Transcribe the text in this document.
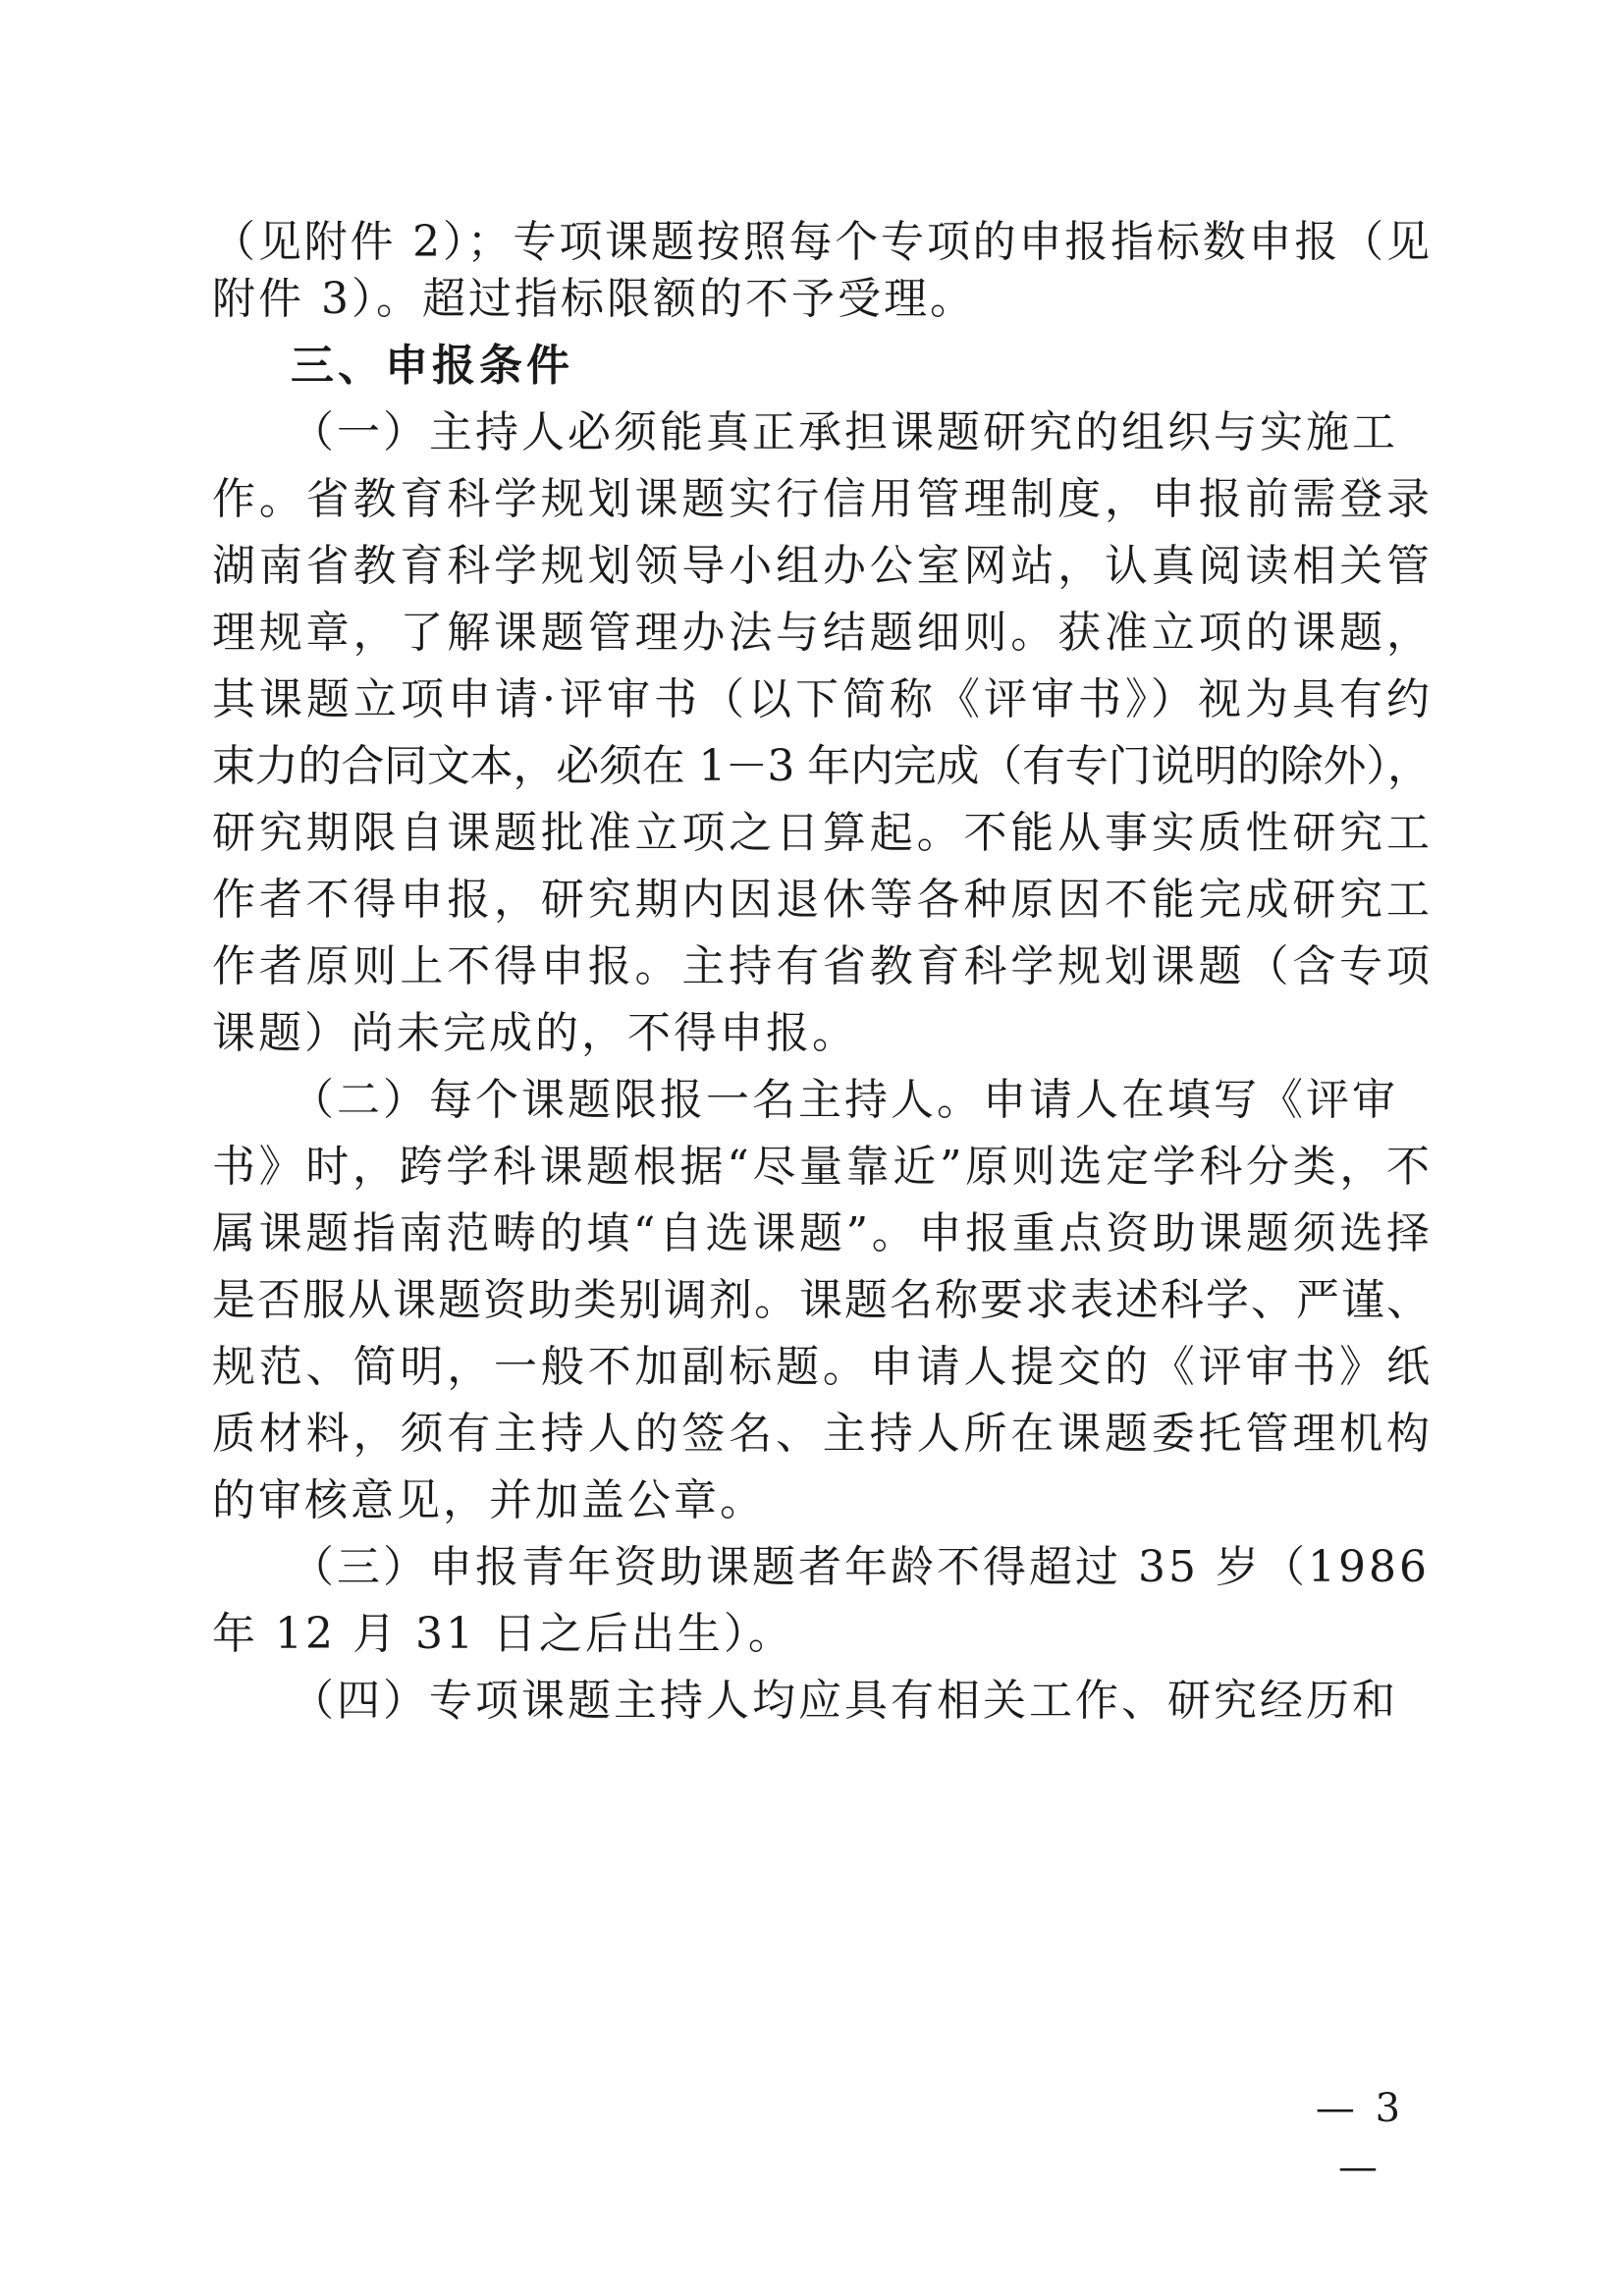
（见附件 2）；专项课题按照每个专项的申报指标数申报（见
附件 3）。超过指标限额的不予受理。
三、申报条件
（一）主持人必须能真正承担课题研究的组织与实施工
作。省教育科学规划课题实行信用管理制度，申报前需登录
湖南省教育科学规划领导小组办公室网站，认真阅读相关管
理规章，了解课题管理办法与结题细则。获准立项的课题，
其课题立项申请·评审书（以下简称《评审书》）视为具有约
束力的合同文本，必须在 1－3 年内完成（有专门说明的除外），
研究期限自课题批准立项之日算起。不能从事实质性研究工
作者不得申报，研究期内因退休等各种原因不能完成研究工
作者原则上不得申报。主持有省教育科学规划课题（含专项
课题）尚未完成的，不得申报。
（二）每个课题限报一名主持人。申请人在填写《评审
书》时，跨学科课题根据“尽量靠近”原则选定学科分类，不
属课题指南范畴的填“自选课题”。申报重点资助课题须选择
是否服从课题资助类别调剂。课题名称要求表述科学、严谨、
规范、简明，一般不加副标题。申请人提交的《评审书》纸
质材料，须有主持人的签名、主持人所在课题委托管理机构
的审核意见，并加盖公章。
（三）申报青年资助课题者年龄不得超过 35 岁（1986
年 12 月 31 日之后出生）。
（四）专项课题主持人均应具有相关工作、研究经历和
— 3 —
